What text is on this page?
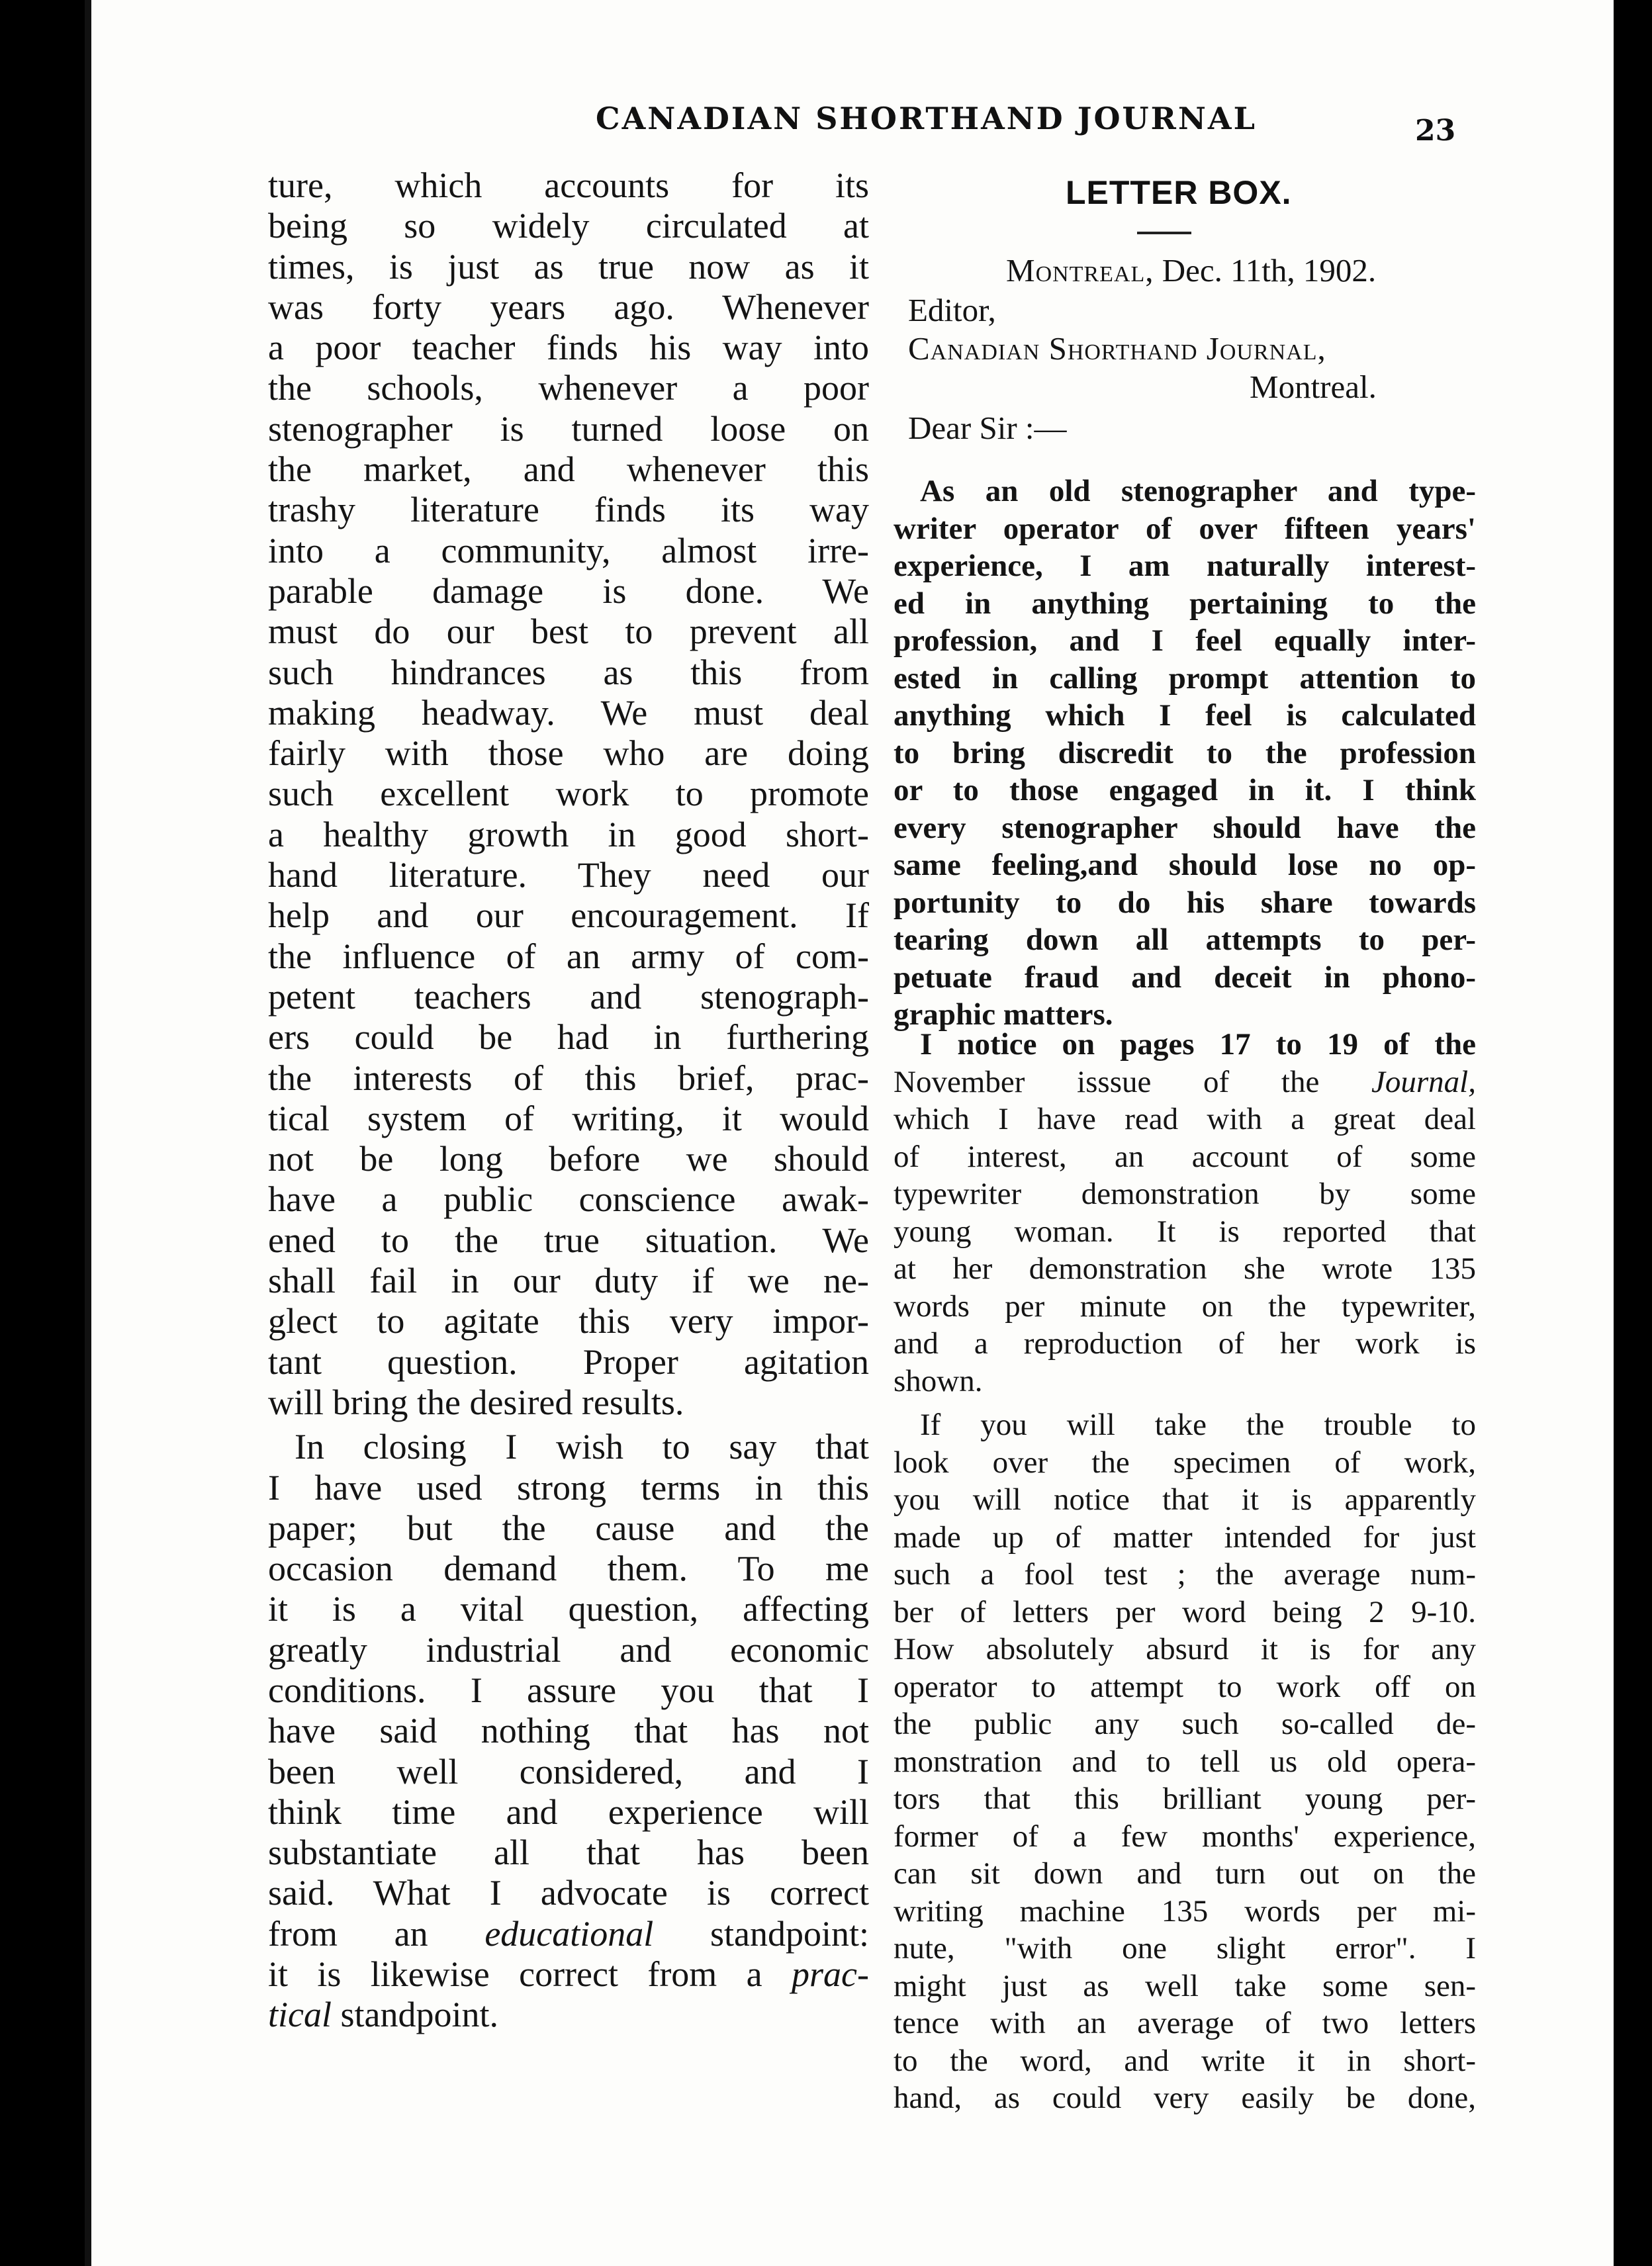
CANADIAN SHORTHAND JOURNAL	23
ture, which accounts for its
being so widely circulated at
times, is just as true now as it
was forty years ago. Whenever
a poor teacher finds his way into
the schools, whenever a poor
stenographer is turned loose on
the market, and whenever this
trashy literature finds its way
into a community, almost irre-
parable damage is done. We
must do our best to prevent all
such hindrances as this from
making headway. We must deal
fairly with those who are doing
such excellent work to promote
a healthy growth in good short-
hand literature. They need our
help and our encouragement. If
the influence of an army of com-
petent teachers and stenograph-
ers could be had in furthering
the interests of this brief, prac-
tical system of writing, it would
not be long before we should
have a public conscience awak-
ened to the true situation. We
shall fail in our duty if we ne-
glect to agitate this very impor-
tant question. Proper agitation
will bring the desired results.
In closing I wish to say that
I have used strong terms in this
paper; but the cause and the
occasion demand them. To me
it is a vital question, affecting
greatly industrial and economic
conditions. I assure you that I
have said nothing that has not
been well considered, and I
think time and experience will
substantiate all that has been
said. What I advocate is correct
from an educational standpoint:
it is likewise correct from a prac-
tical standpoint.
LETTER BOX.
Montreal, Dec. 11th, 1902.
Editor,
Canadian Shorthand Journal,
Montreal.
Dear Sir :—
As an old stenographer and type-
writer operator of over fifteen years'
experience, I am naturally interest-
ed in anything pertaining to the
profession, and I feel equally inter-
ested in calling prompt attention to
anything which I feel is calculated
to bring discredit to the profession
or to those engaged in it. I think
every stenographer should have the
same feeling,and should lose no op-
portunity to do his share towards
tearing down all attempts to per-
petuate fraud and deceit in phono-
graphic matters.
I notice on pages 17 to 19 of the
November isssue of the Journal,
which I have read with a great deal
of interest, an account of some
typewriter demonstration by some
young woman. It is reported that
at her demonstration she wrote 135
words per minute on the typewriter,
and a reproduction of her work is
shown.
If you will take the trouble to
look over the specimen of work,
you will notice that it is apparently
made up of matter intended for just
such a fool test ; the average num-
ber of letters per word being 2 9-10.
How absolutely absurd it is for any
operator to attempt to work off on
the public any such so-called de-
monstration and to tell us old opera-
tors that this brilliant young per-
former of a few months' experience,
can sit down and turn out on the
writing machine 135 words per mi-
nute, "with one slight error". I
might just as well take some sen-
tence with an average of two letters
to the word, and write it in short-
hand, as could very easily be done,
